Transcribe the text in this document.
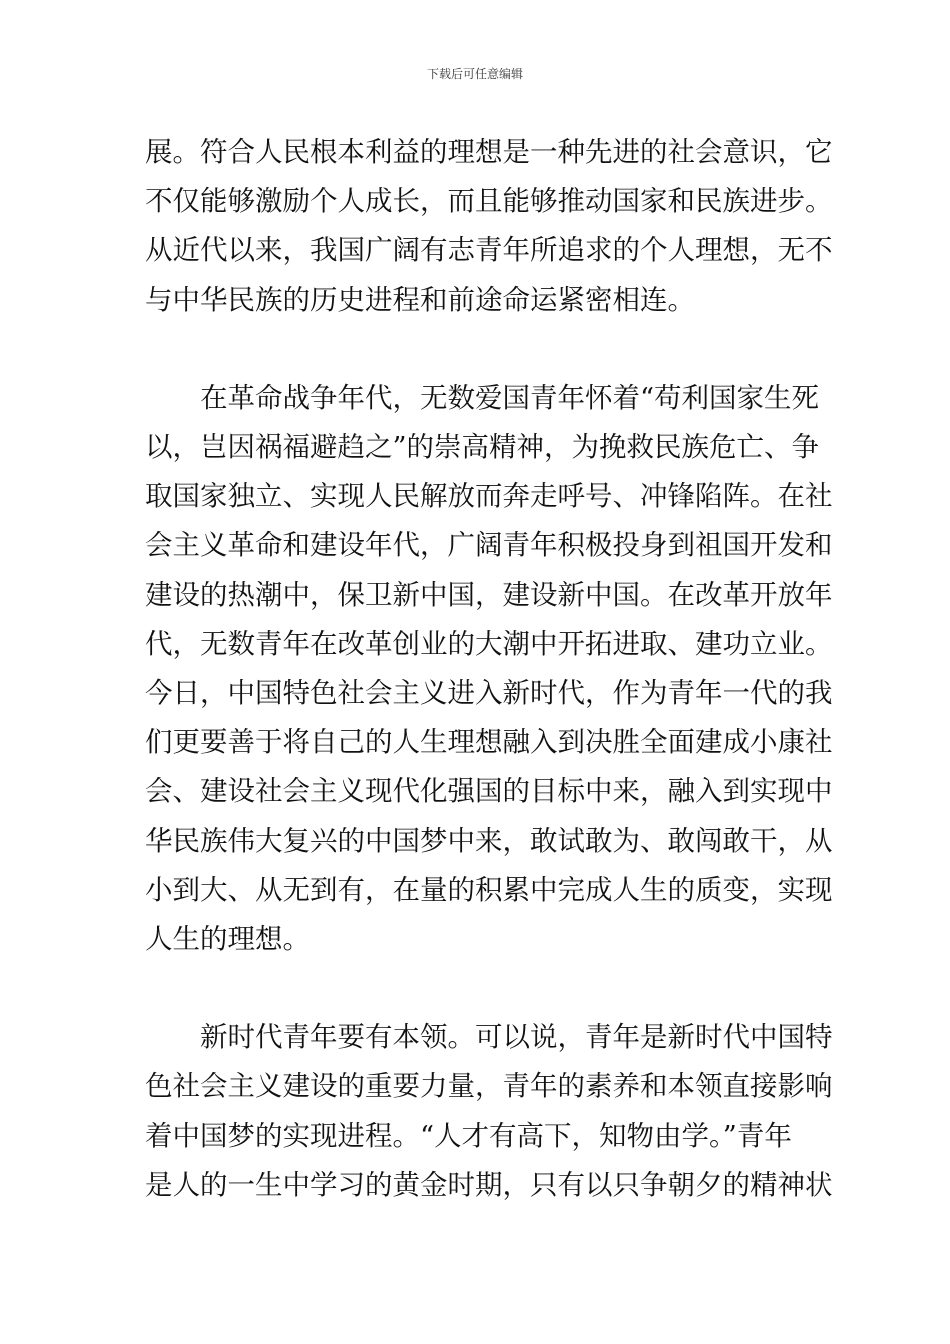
下载后可任意编辑

展。符合人民根本利益的理想是一种先进的社会意识，它
不仅能够激励个人成长，而且能够推动国家和民族进步。
从近代以来，我国广阔有志青年所追求的个人理想，无不
与中华民族的历史进程和前途命运紧密相连。

在革命战争年代，无数爱国青年怀着“苟利国家生死
以，岂因祸福避趋之”的崇高精神，为挽救民族危亡、争
取国家独立、实现人民解放而奔走呼号、冲锋陷阵。在社
会主义革命和建设年代，广阔青年积极投身到祖国开发和
建设的热潮中，保卫新中国，建设新中国。在改革开放年
代，无数青年在改革创业的大潮中开拓进取、建功立业。
今日，中国特色社会主义进入新时代，作为青年一代的我
们更要善于将自己的人生理想融入到决胜全面建成小康社
会、建设社会主义现代化强国的目标中来，融入到实现中
华民族伟大复兴的中国梦中来，敢试敢为、敢闯敢干，从
小到大、从无到有，在量的积累中完成人生的质变，实现
人生的理想。

新时代青年要有本领。可以说，青年是新时代中国特
色社会主义建设的重要力量，青年的素养和本领直接影响
着中国梦的实现进程。“人才有高下，知物由学。”青年
是人的一生中学习的黄金时期，只有以只争朝夕的精神状
